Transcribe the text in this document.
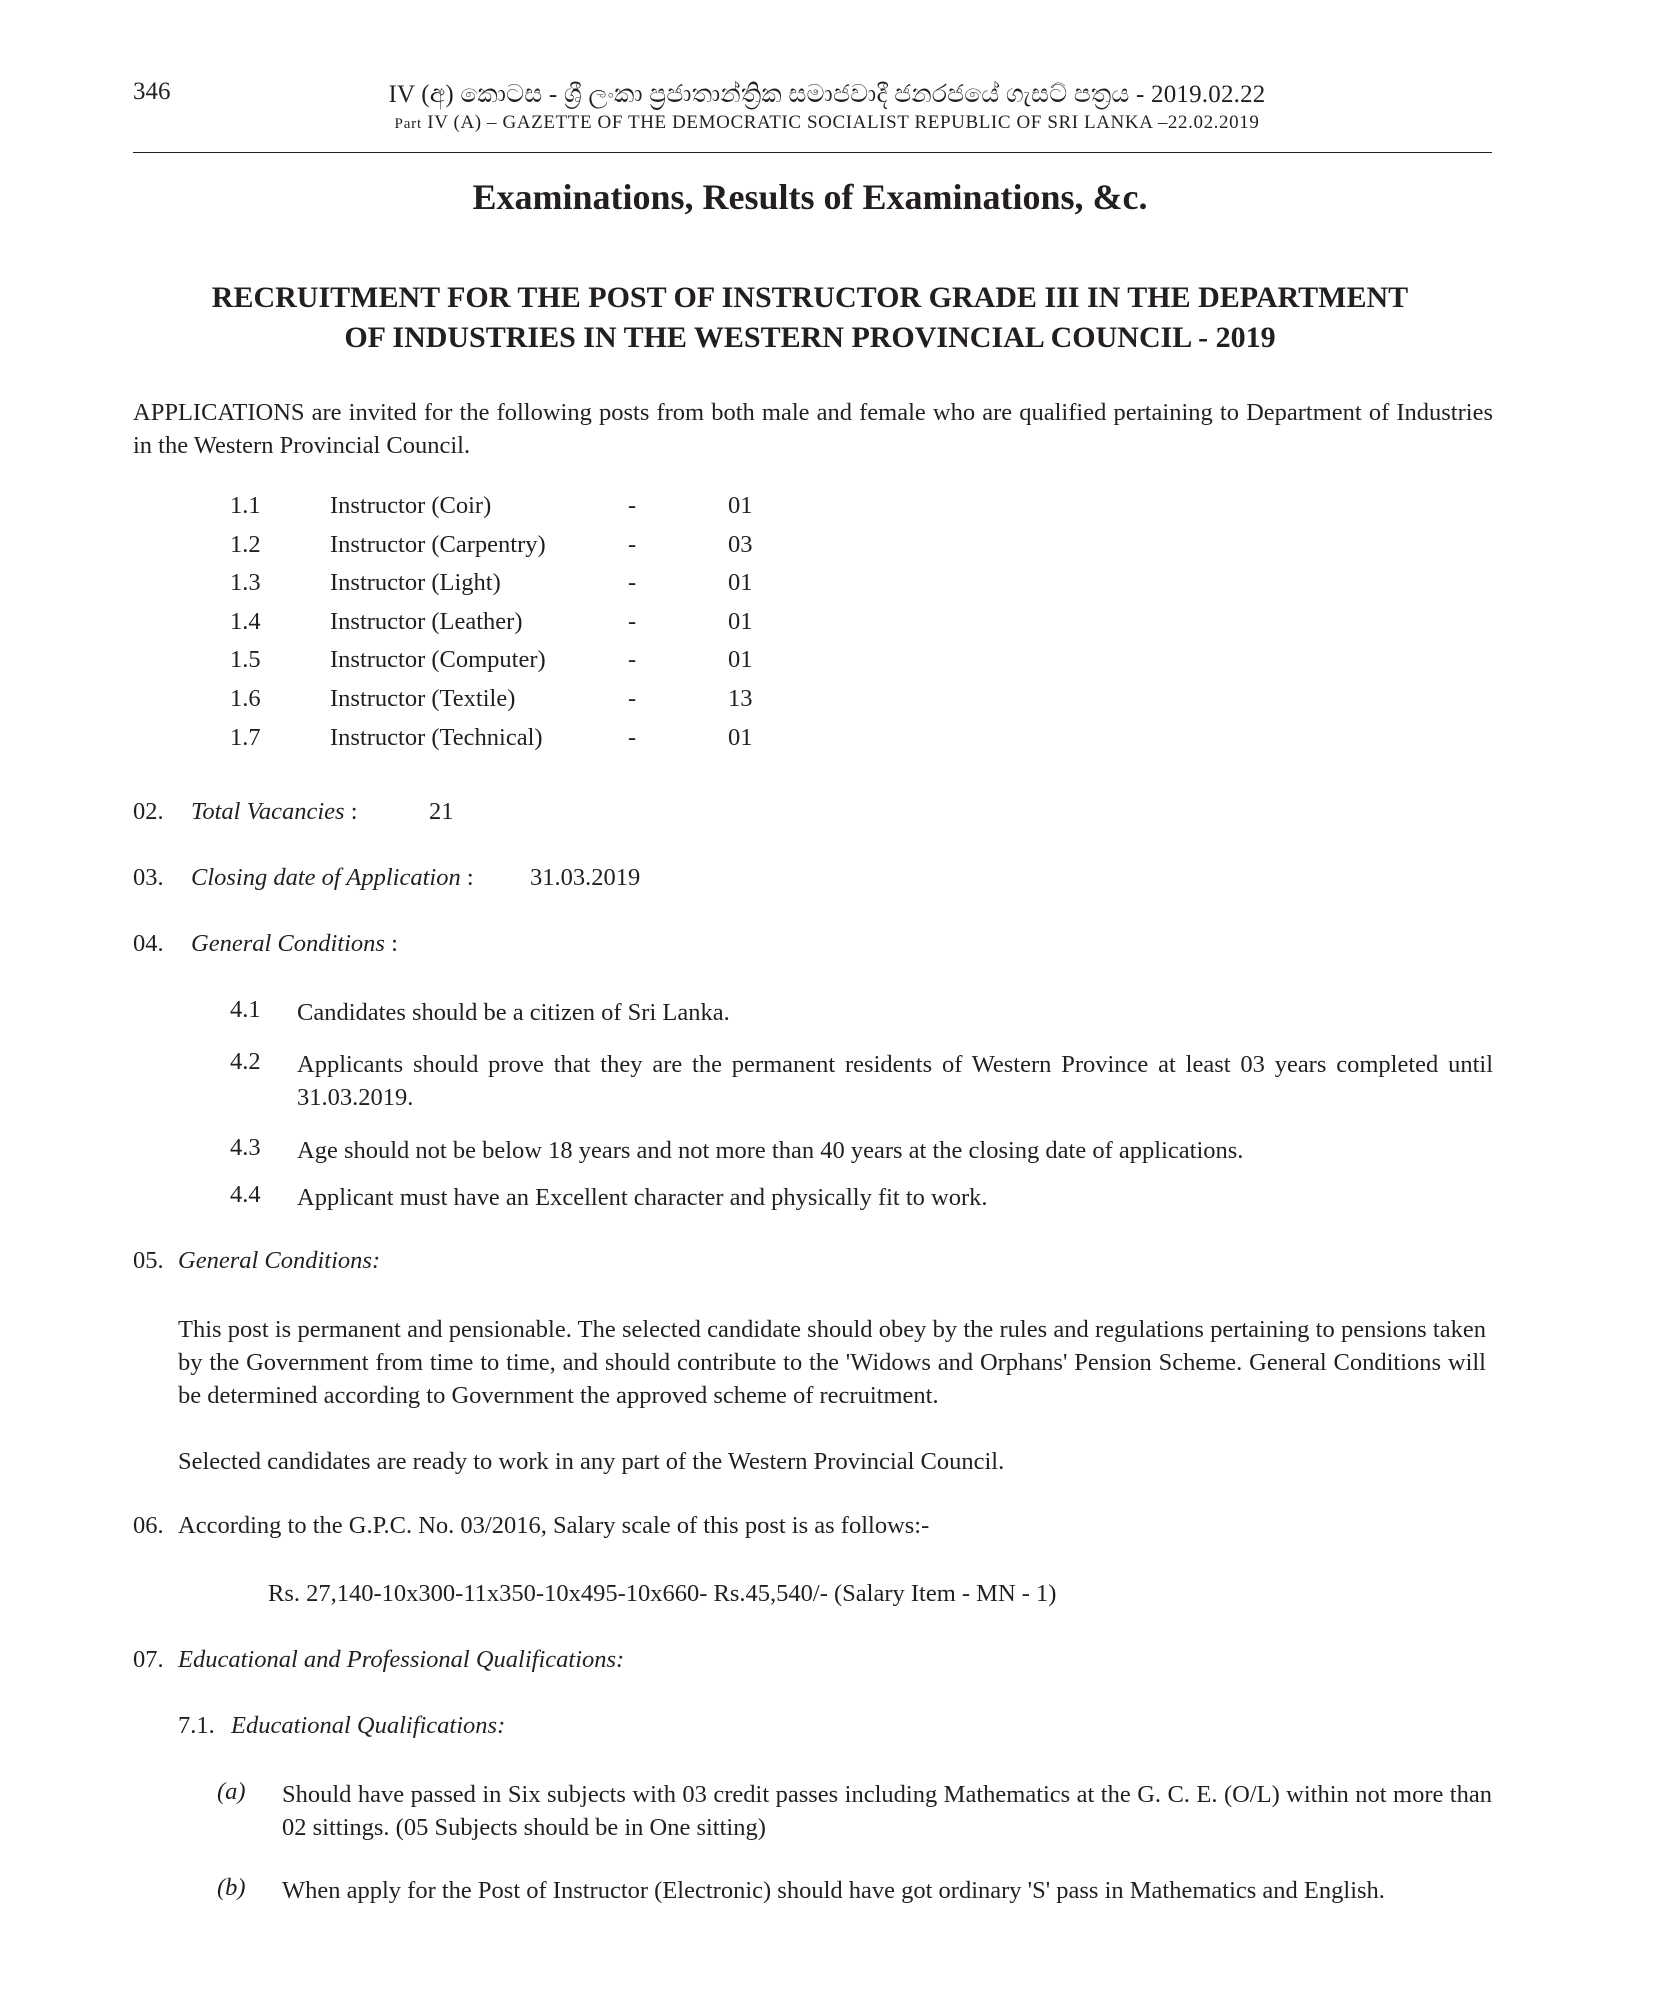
346	IV (අ) කොටස - ශ්‍රී ලංකා ප්‍රජාතාන්ත්‍රික සමාජවාදී ජනරජයේ ගැසට් පත්‍රය - 2019.02.22
Part IV (A) – GAZETTE OF THE DEMOCRATIC SOCIALIST REPUBLIC OF SRI LANKA –22.02.2019
Examinations, Results of Examinations, &c.
RECRUITMENT FOR THE POST OF INSTRUCTOR GRADE III IN THE DEPARTMENT
OF INDUSTRIES IN THE WESTERN PROVINCIAL COUNCIL - 2019
APPLICATIONS are invited for the following posts from both male and female who are qualified pertaining to Department of Industries in the Western Provincial Council.
1.1	Instructor (Coir)	-	01
1.2	Instructor (Carpentry)	-	03
1.3	Instructor (Light)	-	01
1.4	Instructor (Leather)	-	01
1.5	Instructor (Computer)	-	01
1.6	Instructor (Textile)	-	13
1.7	Instructor (Technical)	-	01
02. Total Vacancies :	21
03. Closing date of Application : 31.03.2019
04. General Conditions :
4.1 Candidates should be a citizen of Sri Lanka.
4.2 Applicants should prove that they are the permanent residents of Western Province at least 03 years completed until 31.03.2019.
4.3 Age should not be below 18 years and not more than 40 years at the closing date of applications.
4.4 Applicant must have an Excellent character and physically fit to work.
05. General Conditions:
This post is permanent and pensionable. The selected candidate should obey by the rules and regulations pertaining to pensions taken by the Government from time to time, and should contribute to the 'Widows and Orphans' Pension Scheme. General Conditions will be determined according to Government the approved scheme of recruitment.
Selected candidates are ready to work in any part of the Western Provincial Council.
06. According to the G.P.C. No. 03/2016, Salary scale of this post is as follows:-
Rs. 27,140-10x300-11x350-10x495-10x660- Rs.45,540/- (Salary Item - MN - 1)
07. Educational and Professional Qualifications:
7.1. Educational Qualifications:
(a) Should have passed in Six subjects with 03 credit passes including Mathematics at the G. C. E. (O/L) within not more than 02 sittings. (05 Subjects should be in One sitting)
(b) When apply for the Post of Instructor (Electronic) should have got ordinary 'S' pass in Mathematics and English.
